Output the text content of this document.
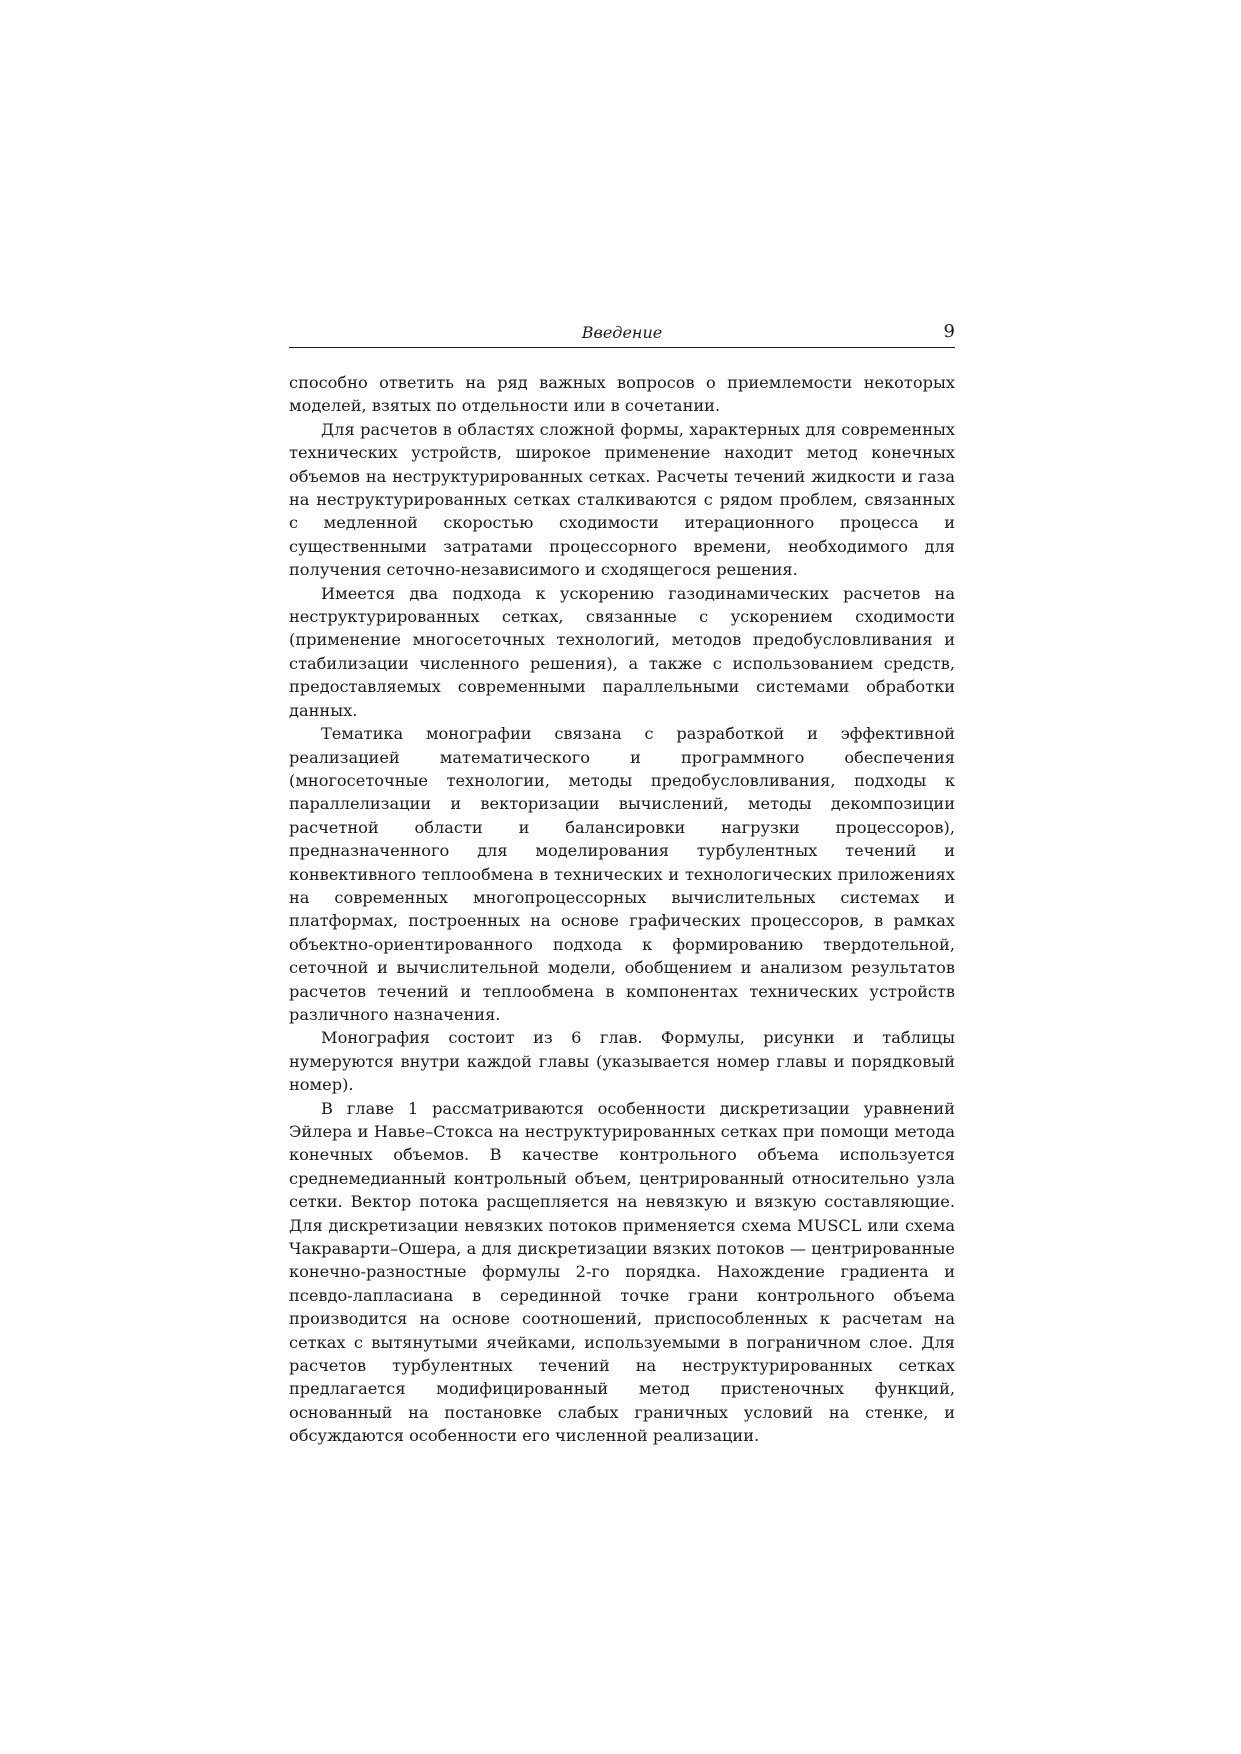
Введение	9

способно ответить на ряд важных вопросов о приемлемости некоторых моделей, взятых по отдельности или в сочетании.

Для расчетов в областях сложной формы, характерных для современных технических устройств, широкое применение находит метод конечных объемов на неструктурированных сетках. Расчеты течений жидкости и газа на неструктурированных сетках сталкиваются с рядом проблем, связанных с медленной скоростью сходимости итерационного процесса и существенными затратами процессорного времени, необходимого для получения сеточно-независимого и сходящегося решения.

Имеется два подхода к ускорению газодинамических расчетов на неструктурированных сетках, связанные с ускорением сходимости (применение многосеточных технологий, методов предобусловливания и стабилизации численного решения), а также с использованием средств, предоставляемых современными параллельными системами обработки данных.

Тематика монографии связана с разработкой и эффективной реализацией математического и программного обеспечения (многосеточные технологии, методы предобусловливания, подходы к параллелизации и векторизации вычислений, методы декомпозиции расчетной области и балансировки нагрузки процессоров), предназначенного для моделирования турбулентных течений и конвективного теплообмена в технических и технологических приложениях на современных многопроцессорных вычислительных системах и платформах, построенных на основе графических процессоров, в рамках объектно-ориентированного подхода к формированию твердотельной, сеточной и вычислительной модели, обобщением и анализом результатов расчетов течений и теплообмена в компонентах технических устройств различного назначения.

Монография состоит из 6 глав. Формулы, рисунки и таблицы нумеруются внутри каждой главы (указывается номер главы и порядковый номер).

В главе 1 рассматриваются особенности дискретизации уравнений Эйлера и Навье–Стокса на неструктурированных сетках при помощи метода конечных объемов. В качестве контрольного объема используется среднемедианный контрольный объем, центрированный относительно узла сетки. Вектор потока расщепляется на невязкую и вязкую составляющие. Для дискретизации невязких потоков применяется схема MUSCL или схема Чакраварти–Ошера, а для дискретизации вязких потоков — центрированные конечно-разностные формулы 2-го порядка. Нахождение градиента и псевдо-лапласиана в серединной точке грани контрольного объема производится на основе соотношений, приспособленных к расчетам на сетках с вытянутыми ячейками, используемыми в пограничном слое. Для расчетов турбулентных течений на неструктурированных сетках предлагается модифицированный метод пристеночных функций, основанный на постановке слабых граничных условий на стенке, и обсуждаются особенности его численной реализации.
